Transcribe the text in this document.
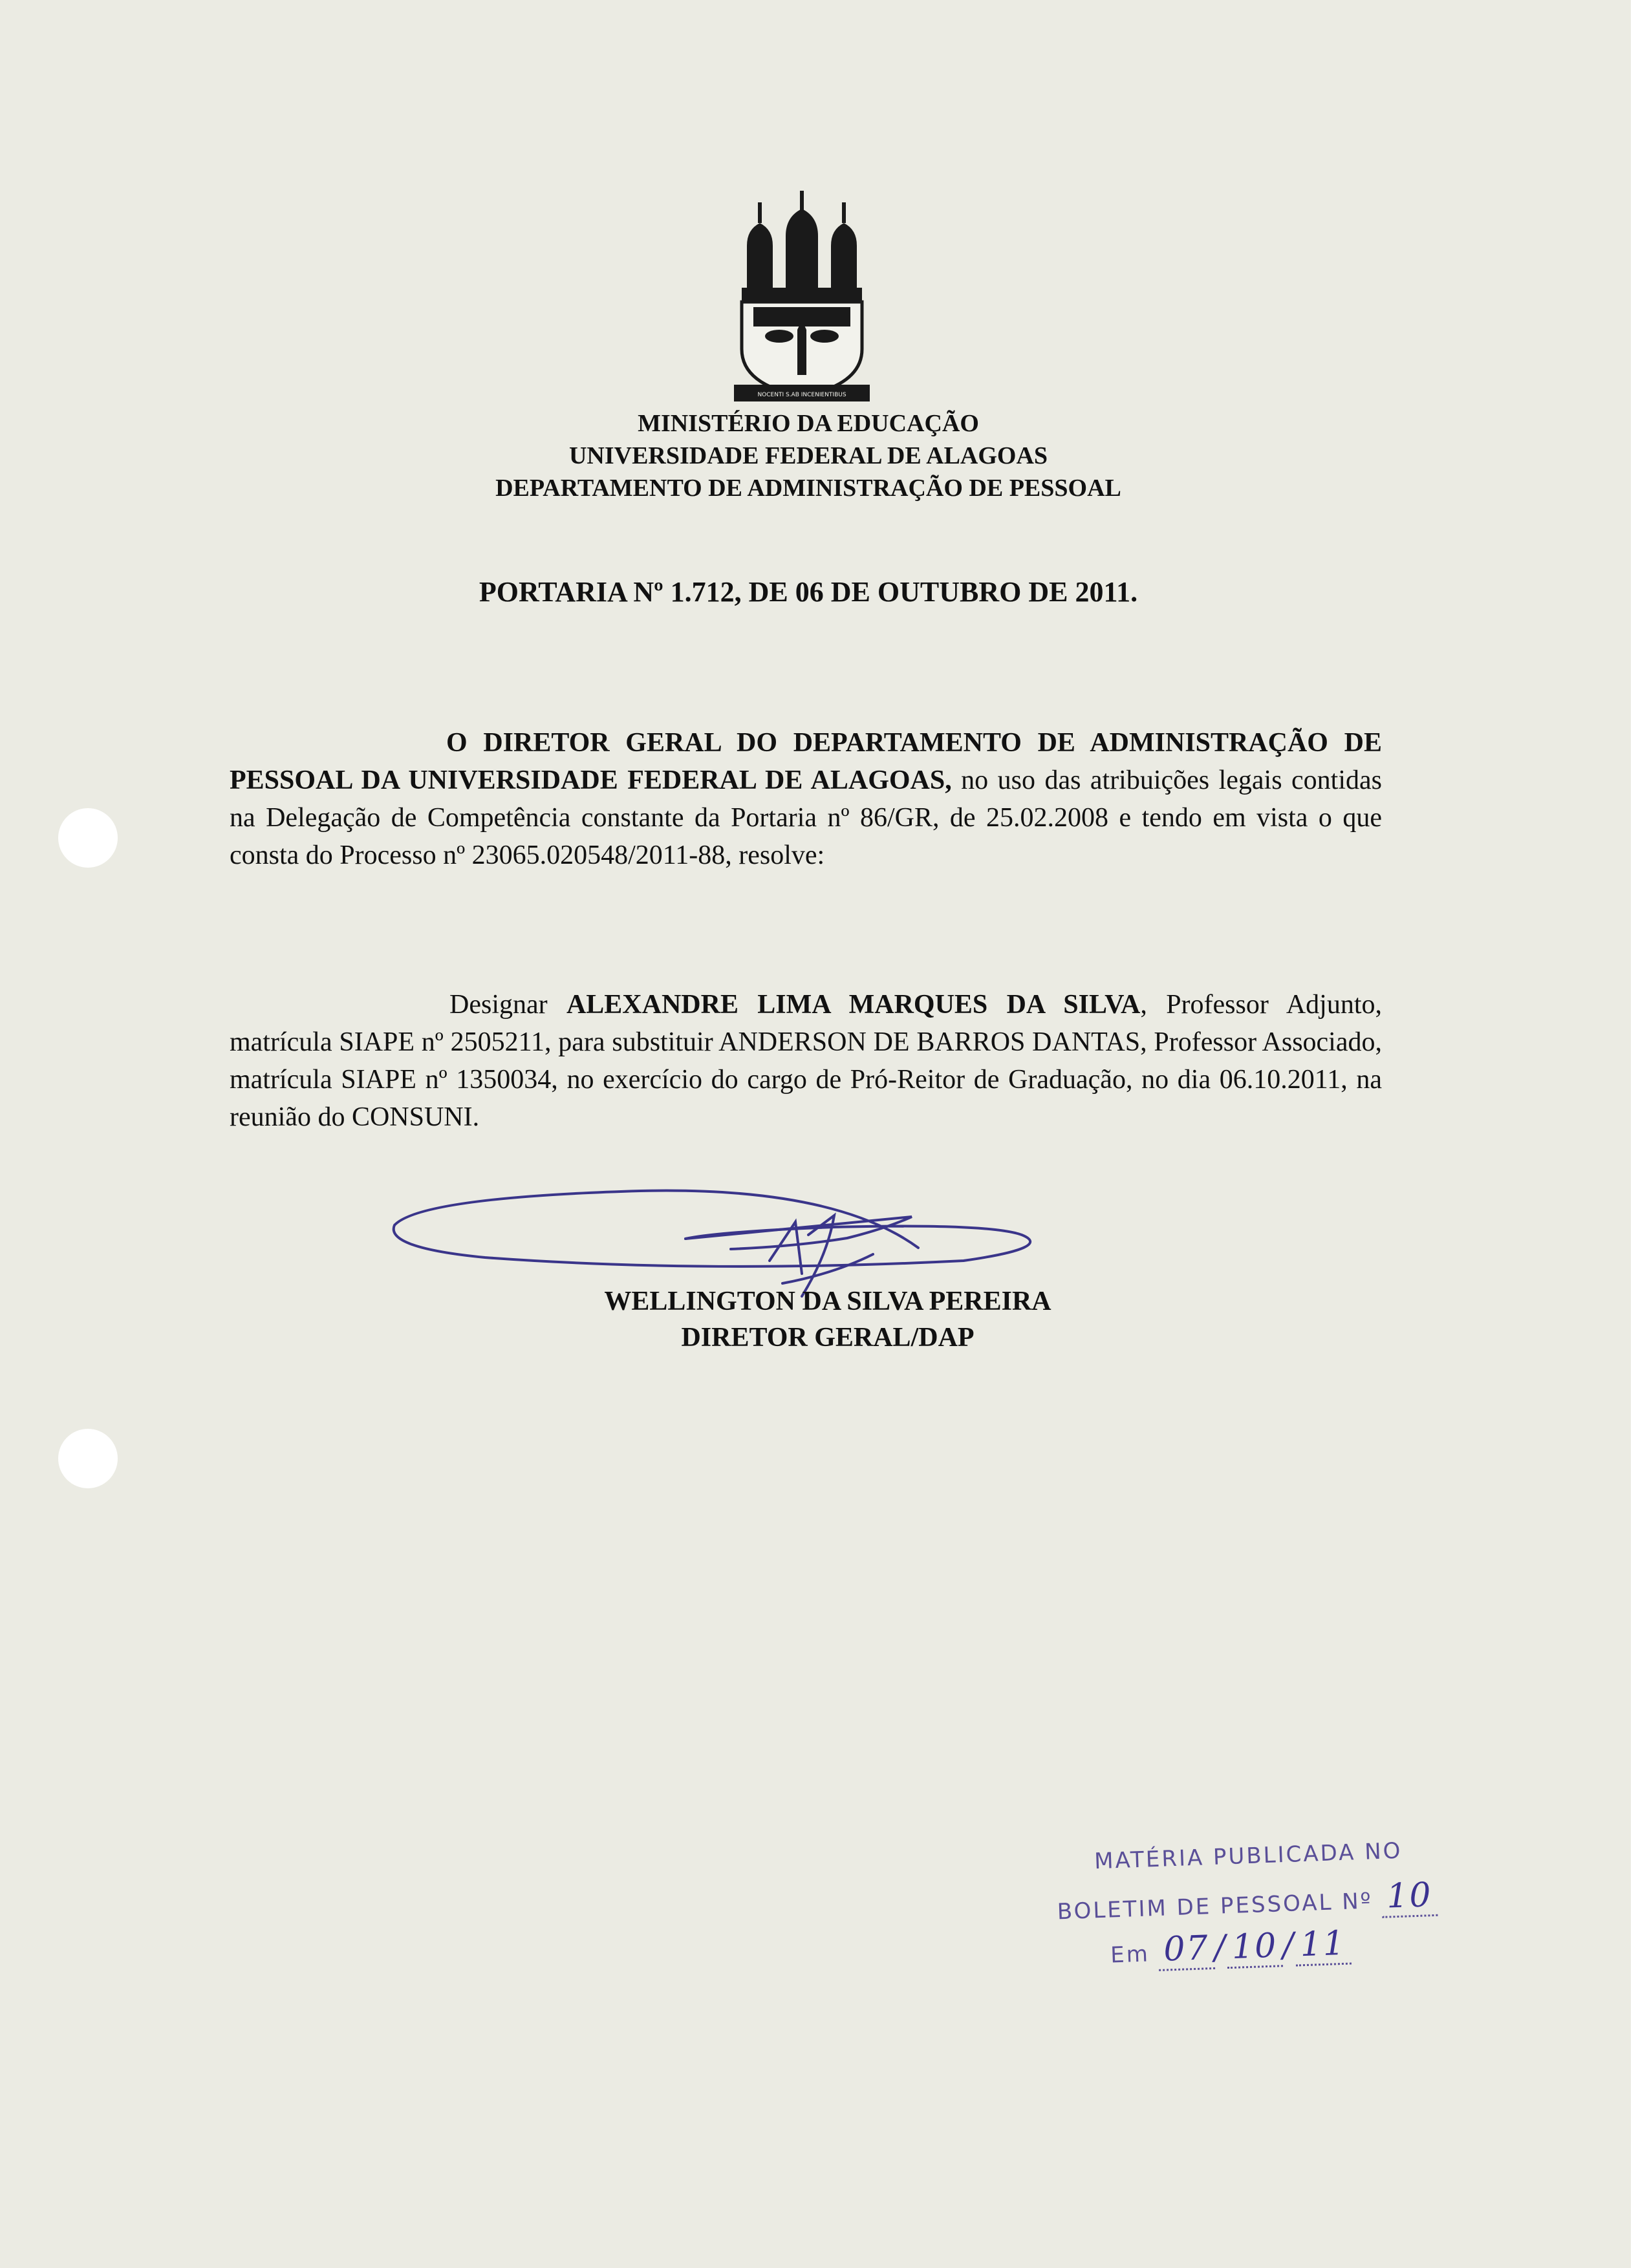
NOCENTI S.AB INCENIENTIBUS
MINISTÉRIO DA EDUCAÇÃO
UNIVERSIDADE FEDERAL DE ALAGOAS
DEPARTAMENTO DE ADMINISTRAÇÃO DE PESSOAL
PORTARIA Nº 1.712, DE 06 DE OUTUBRO DE 2011.
O DIRETOR GERAL DO DEPARTAMENTO DE ADMINISTRAÇÃO DE PESSOAL DA UNIVERSIDADE FEDERAL DE ALAGOAS, no uso das atribuições legais contidas na Delegação de Competência constante da Portaria nº 86/GR, de 25.02.2008 e tendo em vista o que consta do Processo nº 23065.020548/2011-88, resolve:
Designar ALEXANDRE LIMA MARQUES DA SILVA, Professor Adjunto, matrícula SIAPE nº 2505211, para substituir ANDERSON DE BARROS DANTAS, Professor Associado, matrícula SIAPE nº 1350034, no exercício do cargo de Pró-Reitor de Graduação, no dia 06.10.2011, na reunião do CONSUNI.
WELLINGTON DA SILVA PEREIRA
DIRETOR GERAL/DAP
MATÉRIA PUBLICADA NO
BOLETIM DE PESSOAL Nº 10
Em 07 / 10 / 11
